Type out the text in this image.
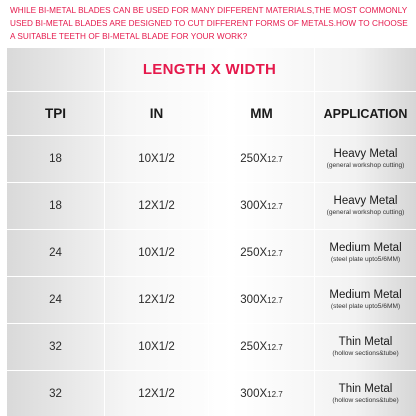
WHILE BI-METAL BLADES CAN BE USED FOR MANY DIFFERENT MATERIALS,THE MOST COMMONLY USED BI-METAL BLADES ARE DESIGNED TO CUT DIFFERENT FORMS OF METALS.HOW TO CHOOSE A SUITABLE TEETH OF BI-METAL BLADE FOR YOUR WORK?
	LENGTH X WIDTH		
TPI	IN	MM	APPLICATION
18	10X1/2	250X12.7	Heavy Metal
(general workshop cutting)

18	12X1/2	300X12.7	Heavy Metal
(general workshop cutting)

24	10X1/2	250X12.7	Medium Metal
(steel plate upto5/6MM)

24	12X1/2	300X12.7	Medium Metal
(steel plate upto5/6MM)

32	10X1/2	250X12.7	Thin Metal
(hollow sections&tube)

32	12X1/2	300X12.7	Thin Metal
(hollow sections&tube)
